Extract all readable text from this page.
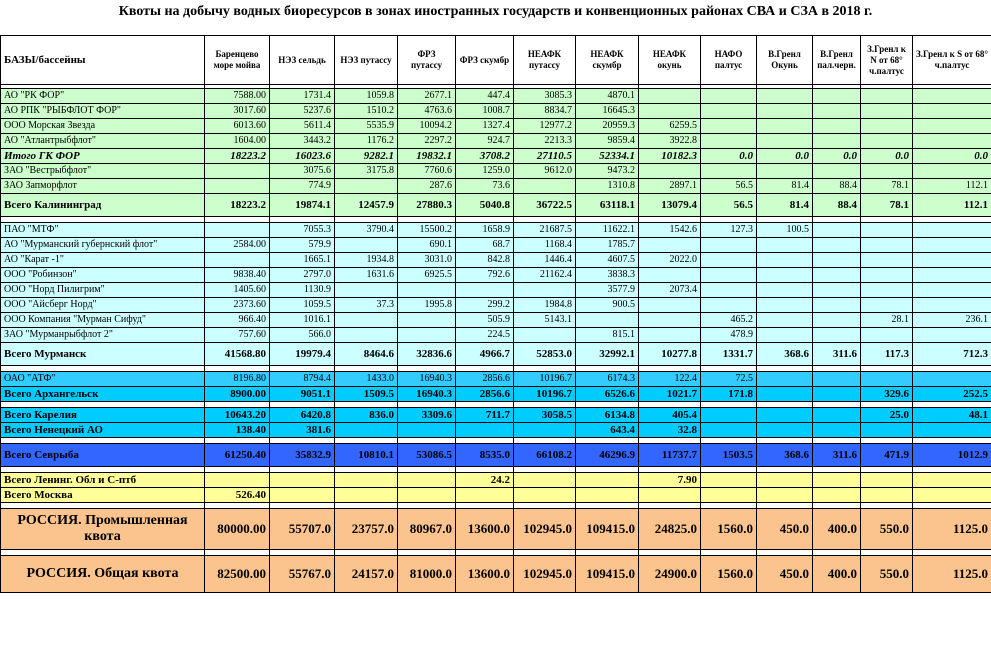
Квоты на добычу водных биоресурсов в зонах иностранных государств и конвенционных районах СВА и СЗА в 2018 г.
БАЗЫ/бассейны	Баренцево море мойва	НЭЗ сельдь	НЭЗ путассу	ФРЗ путассу	ФРЗ скумбр	НЕАФК путассу	НЕАФК скумбр	НЕАФК окунь	НАФО палтус	В.Гренл Окунь	В.Гренл пал.черн.	З.Гренл к N от 68° ч.палтус	З.Гренл к S от 68° ч.палтус

АО "РК ФОР"	7588.00	1731.4	1059.8	2677.1	447.4	3085.3	4870.1						
АО РПК "РЫБФЛОТ ФОР"	3017.60	5237.6	1510.2	4763.6	1008.7	8834.7	16645.3						
ООО Морская Звезда	6013.60	5611.4	5535.9	10094.2	1327.4	12977.2	20959.3	6259.5					
АО "Атлантрыбфлот"	1604.00	3443.2	1176.2	2297.2	924.7	2213.3	9859.4	3922.8					
Итого ГК ФОР	18223.2	16023.6	9282.1	19832.1	3708.2	27110.5	52334.1	10182.3	0.0	0.0	0.0	0.0	0.0
ЗАО "Вестрыбфлот"		3075.6	3175.8	7760.6	1259.0	9612.0	9473.2						
ЗАО Запморфлот		774.9		287.6	73.6		1310.8	2897.1	56.5	81.4	88.4	78.1	112.1
Всего Калининград	18223.2	19874.1	12457.9	27880.3	5040.8	36722.5	63118.1	13079.4	56.5	81.4	88.4	78.1	112.1

ПАО "МТФ"		7055.3	3790.4	15500.2	1658.9	21687.5	11622.1	1542.6	127.3	100.5			
АО "Мурманский губернский флот"	2584.00	579.9		690.1	68.7	1168.4	1785.7						
АО "Карат -1"		1665.1	1934.8	3031.0	842.8	1446.4	4607.5	2022.0					
ООО "Робинзон"	9838.40	2797.0	1631.6	6925.5	792.6	21162.4	3838.3						
ООО "Норд Пилигрим"	1405.60	1130.9					3577.9	2073.4					
ООО "Айсберг Норд"	2373.60	1059.5	37.3	1995.8	299.2	1984.8	900.5						
ООО Компания "Мурман Сифуд"	966.40	1016.1			505.9	5143.1			465.2			28.1	236.1
ЗАО "Мурманрыбфлот 2"	757.60	566.0			224.5		815.1		478.9				
Всего Мурманск	41568.80	19979.4	8464.6	32836.6	4966.7	52853.0	32992.1	10277.8	1331.7	368.6	311.6	117.3	712.3

ОАО "АТФ"	8196.80	8794.4	1433.0	16940.3	2856.6	10196.7	6174.3	122.4	72.5				
Всего Архангельск	8900.00	9051.1	1509.5	16940.3	2856.6	10196.7	6526.6	1021.7	171.8			329.6	252.5

Всего Карелия	10643.20	6420.8	836.0	3309.6	711.7	3058.5	6134.8	405.4				25.0	48.1
Всего Ненецкий АО	138.40	381.6					643.4	32.8					

Всего Севрыба	61250.40	35832.9	10810.1	53086.5	8535.0	66108.2	46296.9	11737.7	1503.5	368.6	311.6	471.9	1012.9

Всего Ленинг. Обл и С-птб					24.2			7.90					
Всего Москва	526.40												

РОССИЯ. Промышленная квота	80000.00	55707.0	23757.0	80967.0	13600.0	102945.0	109415.0	24825.0	1560.0	450.0	400.0	550.0	1125.0

РОССИЯ. Общая квота	82500.00	55767.0	24157.0	81000.0	13600.0	102945.0	109415.0	24900.0	1560.0	450.0	400.0	550.0	1125.0
